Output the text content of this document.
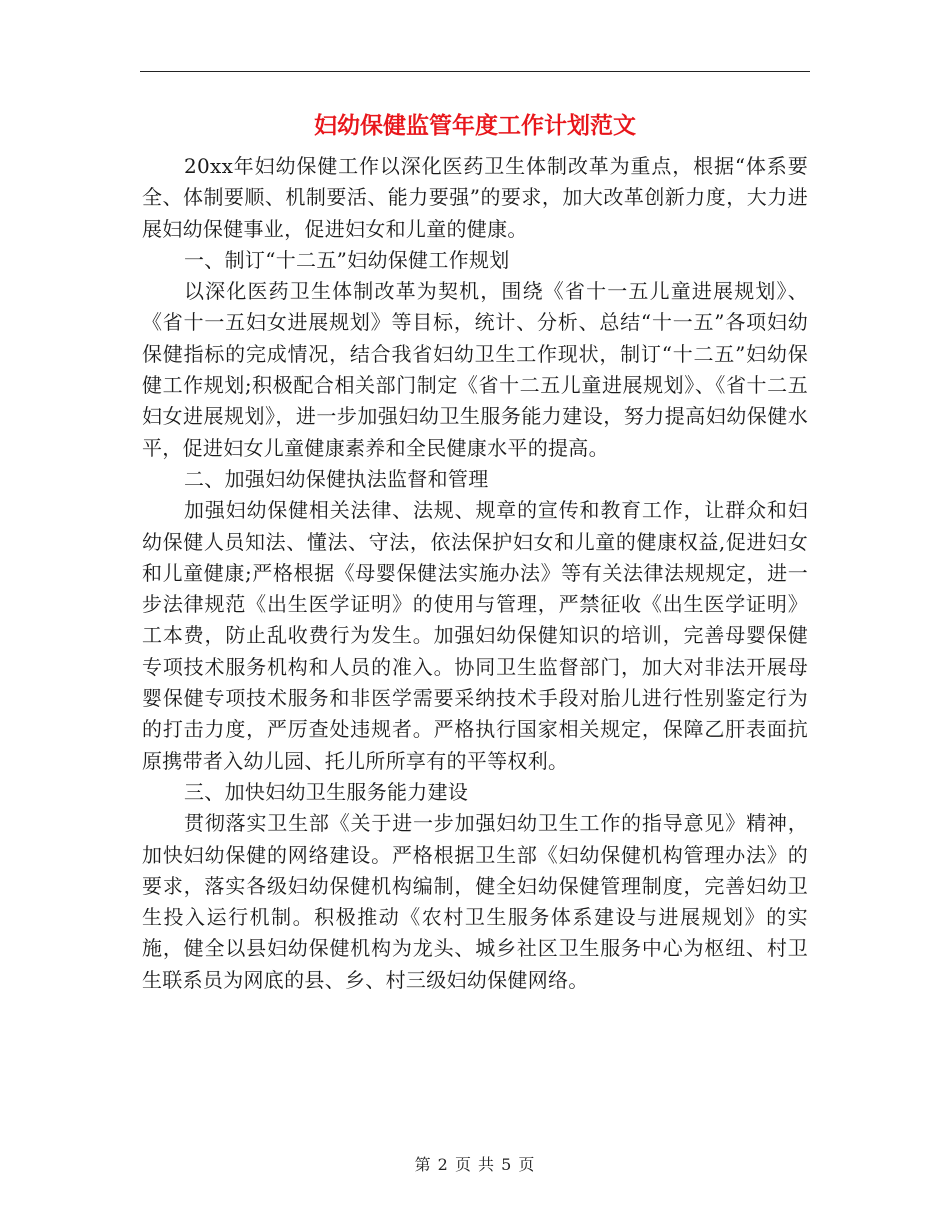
妇幼保健监管年度工作计划范文

20xx年妇幼保健工作以深化医药卫生体制改革为重点，根据“体系要全、体制要顺、机制要活、能力要强”的要求，加大改革创新力度，大力进展妇幼保健事业，促进妇女和儿童的健康。

一、制订“十二五”妇幼保健工作规划

以深化医药卫生体制改革为契机，围绕《省十一五儿童进展规划》、《省十一五妇女进展规划》等目标，统计、分析、总结“十一五”各项妇幼保健指标的完成情况，结合我省妇幼卫生工作现状，制订“十二五”妇幼保健工作规划;积极配合相关部门制定《省十二五儿童进展规划》、《省十二五妇女进展规划》，进一步加强妇幼卫生服务能力建设，努力提高妇幼保健水平，促进妇女儿童健康素养和全民健康水平的提高。

二、加强妇幼保健执法监督和管理

加强妇幼保健相关法律、法规、规章的宣传和教育工作，让群众和妇幼保健人员知法、懂法、守法，依法保护妇女和儿童的健康权益,促进妇女和儿童健康;严格根据《母婴保健法实施办法》等有关法律法规规定，进一步法律规范《出生医学证明》的使用与管理，严禁征收《出生医学证明》工本费，防止乱收费行为发生。加强妇幼保健知识的培训，完善母婴保健专项技术服务机构和人员的准入。协同卫生监督部门，加大对非法开展母婴保健专项技术服务和非医学需要采纳技术手段对胎儿进行性别鉴定行为的打击力度，严厉查处违规者。严格执行国家相关规定，保障乙肝表面抗原携带者入幼儿园、托儿所所享有的平等权利。

三、加快妇幼卫生服务能力建设

贯彻落实卫生部《关于进一步加强妇幼卫生工作的指导意见》精神，加快妇幼保健的网络建设。严格根据卫生部《妇幼保健机构管理办法》的要求，落实各级妇幼保健机构编制，健全妇幼保健管理制度，完善妇幼卫生投入运行机制。积极推动《农村卫生服务体系建设与进展规划》的实施，健全以县妇幼保健机构为龙头、城乡社区卫生服务中心为枢纽、村卫生联系员为网底的县、乡、村三级妇幼保健网络。

第 2 页 共 5 页
